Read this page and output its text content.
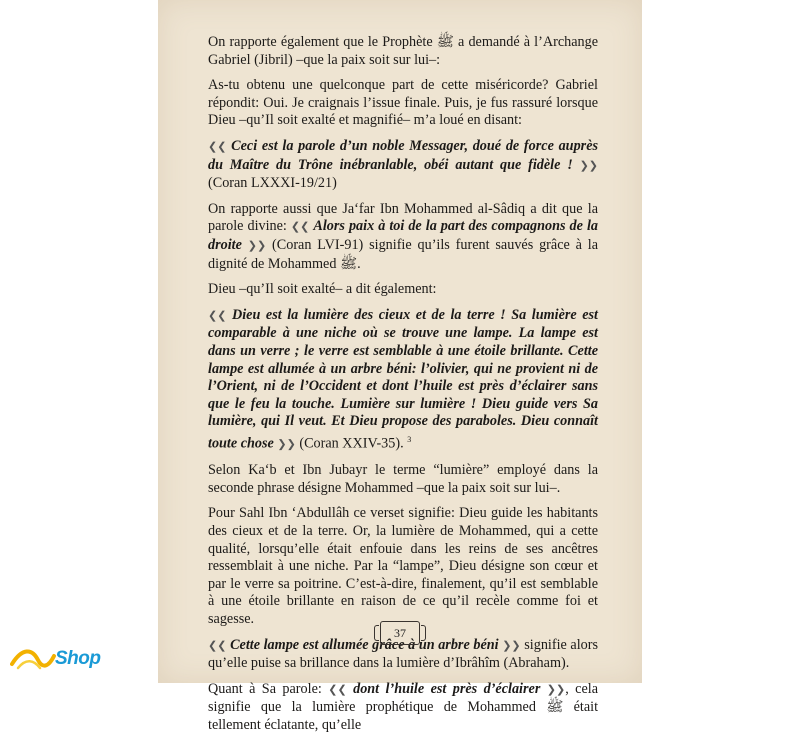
On rapporte également que le Prophète ﷺ a demandé à l’Archange Gabriel (Jibril) –que la paix soit sur lui–:

As-tu obtenu une quelconque part de cette miséricorde? Gabriel répondit: Oui. Je craignais l’issue finale. Puis, je fus rassuré lorsque Dieu –qu’Il soit exalté et magnifié– m’a loué en disant:

❮❮ Ceci est la parole d’un noble Messager, doué de force auprès du Maître du Trône inébranlable, obéi autant que fidèle ! ❯❯ (Coran LXXXI-19/21)

On rapporte aussi que Ja‘far Ibn Mohammed al-Sâdiq a dit que la parole divine: ❮❮ Alors paix à toi de la part des compagnons de la droite ❯❯ (Coran LVI-91) signifie qu’ils furent sauvés grâce à la dignité de Mohammed ﷺ.

Dieu –qu’Il soit exalté– a dit également:

❮❮ Dieu est la lumière des cieux et de la terre ! Sa lumière est comparable à une niche où se trouve une lampe. La lampe est dans un verre ; le verre est semblable à une étoile brillante. Cette lampe est allumée à un arbre béni: l’olivier, qui ne provient ni de l’Orient, ni de l’Occident et dont l’huile est près d’éclairer sans que le feu la touche. Lumière sur lumière ! Dieu guide vers Sa lumière, qui Il veut. Et Dieu propose des paraboles. Dieu connaît toute chose ❯❯ (Coran XXIV-35). $^3$

Selon Ka‘b et Ibn Jubayr le terme “lumière” employé dans la seconde phrase désigne Mohammed –que la paix soit sur lui–.

Pour Sahl Ibn ‘Abdullâh ce verset signifie: Dieu guide les habitants des cieux et de la terre. Or, la lumière de Mohammed, qui a cette qualité, lorsqu’elle était enfouie dans les reins de ses ancêtres ressemblait à une niche. Par la “lampe”, Dieu désigne son cœur et par le verre sa poitrine. C’est-à-dire, finalement, qu’il est semblable à une étoile brillante en raison de ce qu’il recèle comme foi et sagesse.

❮❮ Cette lampe est allumée grâce à un arbre béni ❯❯ signifie alors qu’elle puise sa brillance dans la lumière d’Ibrâhîm (Abraham).

Quant à Sa parole: ❮❮ dont l’huile est près d’éclairer ❯❯, cela signifie que la lumière prophétique de Mohammed ﷺ était tellement éclatante, qu’elle

37
Shop
